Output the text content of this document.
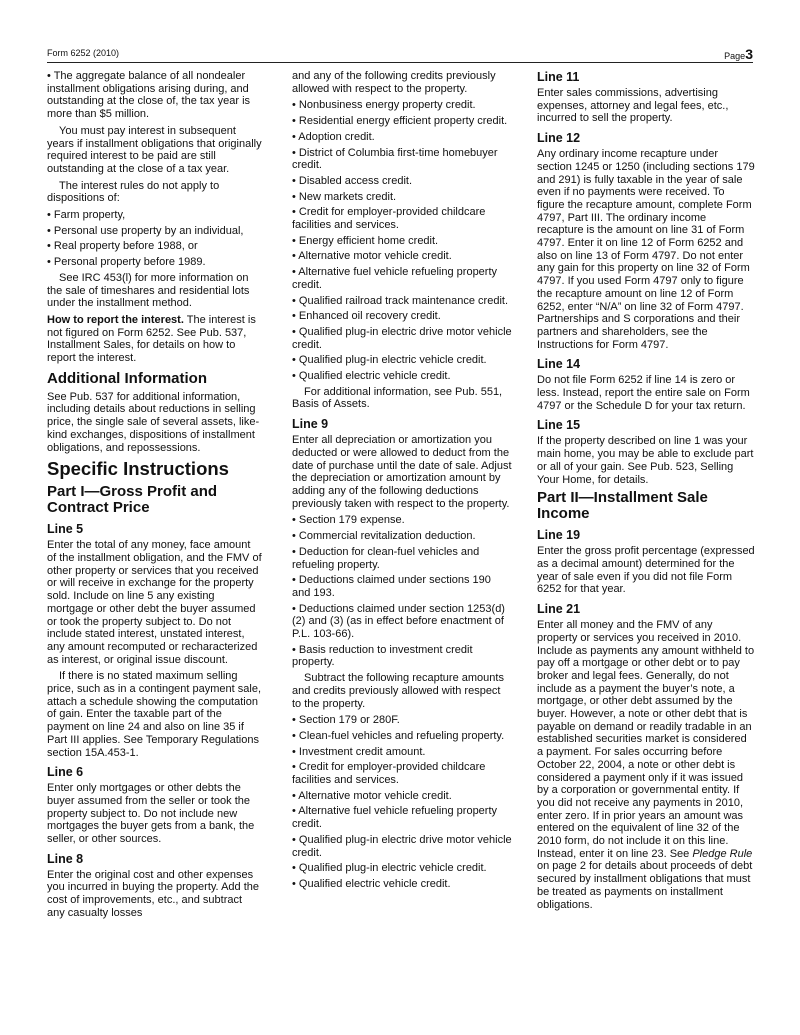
Form 6252 (2010)	Page3

• The aggregate balance of all nondealer installment obligations arising during, and outstanding at the close of, the tax year is more than $5 million.

You must pay interest in subsequent years if installment obligations that originally required interest to be paid are still outstanding at the close of a tax year.

The interest rules do not apply to dispositions of:

• Farm property,

• Personal use property by an individual,

• Real property before 1988, or

• Personal property before 1989.

See IRC 453(l) for more information on the sale of timeshares and residential lots under the installment method.

How to report the interest. The interest is not figured on Form 6252. See Pub. 537, Installment Sales, for details on how to report the interest.

Additional Information

See Pub. 537 for additional information, including details about reductions in selling price, the single sale of several assets, like-kind exchanges, dispositions of installment obligations, and repossessions.

Specific Instructions
Part I—Gross Profit and Contract Price
Line 5

Enter the total of any money, face amount of the installment obligation, and the FMV of other property or services that you received or will receive in exchange for the property sold. Include on line 5 any existing mortgage or other debt the buyer assumed or took the property subject to. Do not include stated interest, unstated interest, any amount recomputed or recharacterized as interest, or original issue discount.

If there is no stated maximum selling price, such as in a contingent payment sale, attach a schedule showing the computation of gain. Enter the taxable part of the payment on line 24 and also on line 35 if Part III applies. See Temporary Regulations section 15A.453-1.

Line 6

Enter only mortgages or other debts the buyer assumed from the seller or took the property subject to. Do not include new mortgages the buyer gets from a bank, the seller, or other sources.

Line 8

Enter the original cost and other expenses you incurred in buying the property. Add the cost of improvements, etc., and subtract any casualty losses

and any of the following credits previously allowed with respect to the property.

• Nonbusiness energy property credit.

• Residential energy efficient property credit.

• Adoption credit.

• District of Columbia first-time homebuyer credit.

• Disabled access credit.

• New markets credit.

• Credit for employer-provided childcare facilities and services.

• Energy efficient home credit.

• Alternative motor vehicle credit.

• Alternative fuel vehicle refueling property credit.

• Qualified railroad track maintenance credit.

• Enhanced oil recovery credit.

• Qualified plug-in electric drive motor vehicle credit.

• Qualified plug-in electric vehicle credit.

• Qualified electric vehicle credit.

For additional information, see Pub. 551, Basis of Assets.

Line 9

Enter all depreciation or amortization you deducted or were allowed to deduct from the date of purchase until the date of sale. Adjust the depreciation or amortization amount by adding any of the following deductions previously taken with respect to the property.

• Section 179 expense.

• Commercial revitalization deduction.

• Deduction for clean-fuel vehicles and refueling property.

• Deductions claimed under sections 190 and 193.

• Deductions claimed under section 1253(d)(2) and (3) (as in effect before enactment of P.L. 103-66).

• Basis reduction to investment credit property.

Subtract the following recapture amounts and credits previously allowed with respect to the property.

• Section 179 or 280F.

• Clean-fuel vehicles and refueling property.

• Investment credit amount.

• Credit for employer-provided childcare facilities and services.

• Alternative motor vehicle credit.

• Alternative fuel vehicle refueling property credit.

• Qualified plug-in electric drive motor vehicle credit.

• Qualified plug-in electric vehicle credit.

• Qualified electric vehicle credit.

Line 11

Enter sales commissions, advertising expenses, attorney and legal fees, etc., incurred to sell the property.

Line 12

Any ordinary income recapture under section 1245 or 1250 (including sections 179 and 291) is fully taxable in the year of sale even if no payments were received. To figure the recapture amount, complete Form 4797, Part III. The ordinary income recapture is the amount on line 31 of Form 4797. Enter it on line 12 of Form 6252 and also on line 13 of Form 4797. Do not enter any gain for this property on line 32 of Form 4797. If you used Form 4797 only to figure the recapture amount on line 12 of Form 6252, enter “N/A” on line 32 of Form 4797. Partnerships and S corporations and their partners and shareholders, see the Instructions for Form 4797.

Line 14

Do not file Form 6252 if line 14 is zero or less. Instead, report the entire sale on Form 4797 or the Schedule D for your tax return.

Line 15

If the property described on line 1 was your main home, you may be able to exclude part or all of your gain. See Pub. 523, Selling Your Home, for details.

Part II—Installment Sale Income
Line 19

Enter the gross profit percentage (expressed as a decimal amount) determined for the year of sale even if you did not file Form 6252 for that year.

Line 21

Enter all money and the FMV of any property or services you received in 2010. Include as payments any amount withheld to pay off a mortgage or other debt or to pay broker and legal fees. Generally, do not include as a payment the buyer’s note, a mortgage, or other debt assumed by the buyer. However, a note or other debt that is payable on demand or readily tradable in an established securities market is considered a payment. For sales occurring before October 22, 2004, a note or other debt is considered a payment only if it was issued by a corporation or governmental entity. If you did not receive any payments in 2010, enter zero. If in prior years an amount was entered on the equivalent of line 32 of the 2010 form, do not include it on this line. Instead, enter it on line 23. See Pledge Rule on page 2 for details about proceeds of debt secured by installment obligations that must be treated as payments on installment obligations.
